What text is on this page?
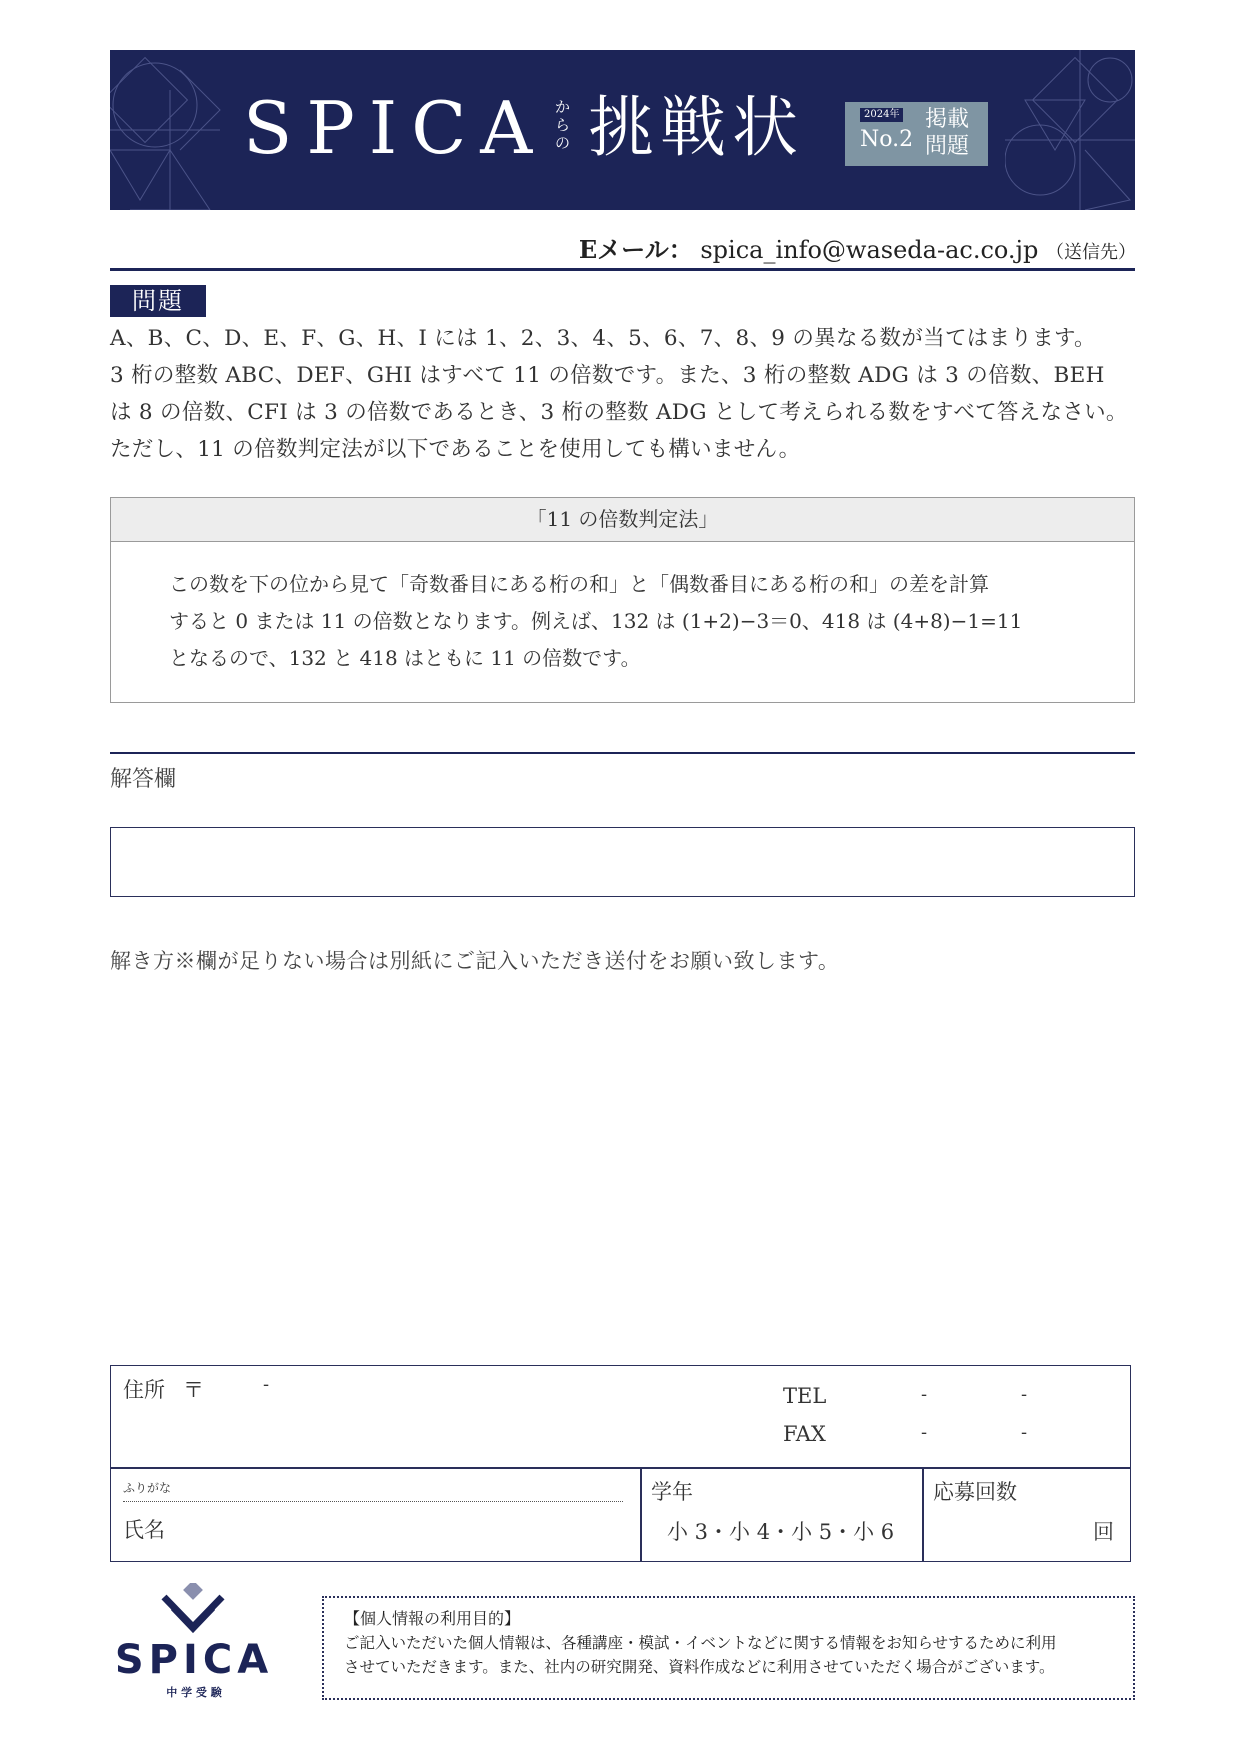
SPICA からの 挑戦状	2024年
No.2
掲載問題
Eメール： spica_info@waseda-ac.co.jp （送信先）
問題

A、B、C、D、E、F、G、H、I には 1、2、3、4、5、6、7、8、9 の異なる数が当てはまります。

3 桁の整数 ABC、DEF、GHI はすべて 11 の倍数です。また、3 桁の整数 ADG は 3 の倍数、BEH

は 8 の倍数、CFI は 3 の倍数であるとき、3 桁の整数 ADG として考えられる数をすべて答えなさい。

ただし、11 の倍数判定法が以下であることを使用しても構いません。

「11 の倍数判定法」

この数を下の位から見て「奇数番目にある桁の和」と「偶数番目にある桁の和」の差を計算

すると 0 または 11 の倍数となります。例えば、132 は (1+2)−3＝0、418 は (4+8)−1=11

となるので、132 と 418 はともに 11 の倍数です。

解答欄
解き方※欄が足りない場合は別紙にご記入いただき送付をお願い致します。
住所 〒	-	TEL	-	-
FAX	-	-
ふりがな
氏名
学年
小 3・小 4・小 5・小 6
応募回数
回
SPICA
中 学 受 験
【個人情報の利用目的】

ご記入いただいた個人情報は、各種講座・模試・イベントなどに関する情報をお知らせするために利用

させていただきます。また、社内の研究開発、資料作成などに利用させていただく場合がございます。
